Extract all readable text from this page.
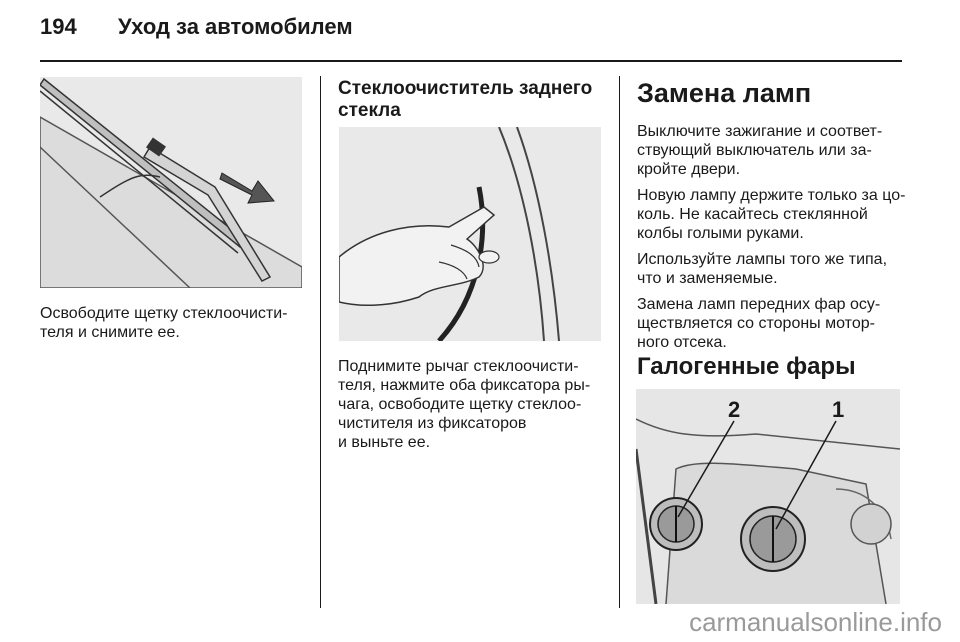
194 Уход за автомобилем
Освободите щетку стеклоочисти-
теля и снимите ее.
Стеклоочиститель заднего
стекла
Поднимите рычаг стеклоочисти-
теля, нажмите оба фиксатора ры-
чага, освободите щетку стеклоо-
чистителя из фиксаторов
и выньте ее.
Замена ламп

Выключите зажигание и соответ-
ствующий выключатель или за-
кройте двери.

Новую лампу держите только за цо-
коль. Не касайтесь стеклянной
колбы голыми руками.

Используйте лампы того же типа,
что и заменяемые.

Замена ламп передних фар осу-
ществляется со стороны мотор-
ного отсека.

Галогенные фары
2	1
carmanualsonline.info
